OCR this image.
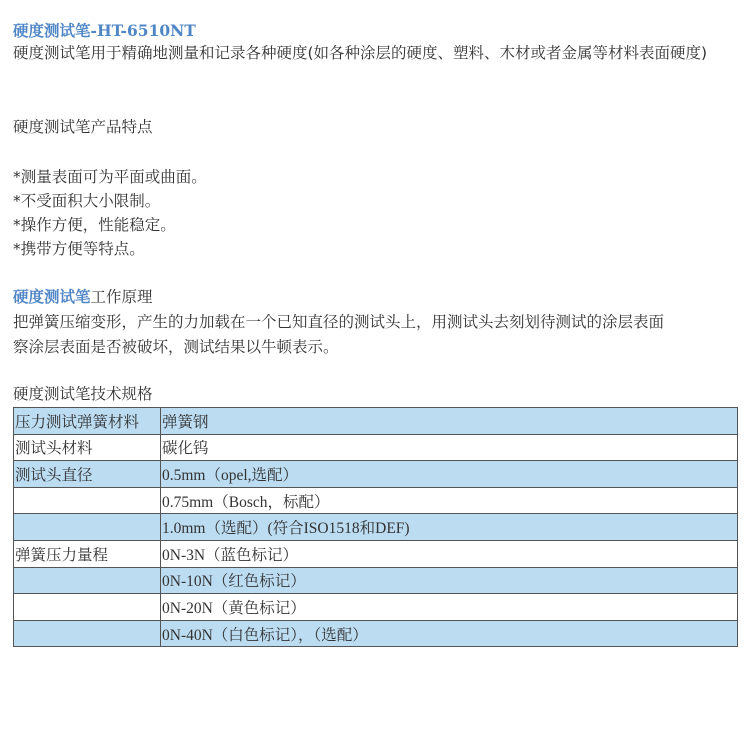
硬度测试笔-HT-6510NT
硬度测试笔用于精确地测量和记录各种硬度(如各种涂层的硬度、塑料、木材或者金属等材料表面硬度)
硬度测试笔产品特点
*测量表面可为平面或曲面。
*不受面积大小限制。
*操作方便，性能稳定。
*携带方便等特点。
硬度测试笔工作原理
把弹簧压缩变形，产生的力加载在一个已知直径的测试头上，用测试头去刻划待测试的涂层表面
察涂层表面是否被破坏，测试结果以牛顿表示。
硬度测试笔技术规格
压力测试弹簧材料	弹簧钢
测试头材料	碳化钨
测试头直径	0.5mm（opel,选配）
	0.75mm（Bosch，标配）
	1.0mm（选配）(符合ISO1518和DEF)
弹簧压力量程	0N-3N（蓝色标记）
	0N-10N（红色标记）
	0N-20N（黄色标记）
	0N-40N（白色标记），（选配）
